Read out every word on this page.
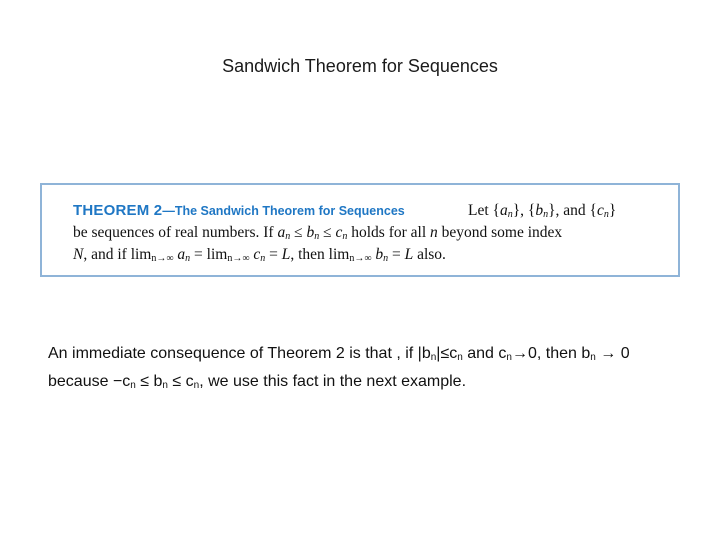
Sandwich Theorem for Sequences
THEOREM 2—The Sandwich Theorem for Sequences	Let $\{a_n\}$, $\{b_n\}$, and $\{c_n\}$
be sequences of real numbers. If $a_n \le b_n \le c_n$ holds for all n beyond some index
N, and if $\lim_{n\to\infty} a_n = \lim_{n\to\infty} c_n = L$, then $\lim_{n\to\infty} b_n = L$ also.
An immediate consequence of Theorem 2 is that , if $|b_n|\le c_n$ and $c_n\to 0$, then $b_n \to 0$ because $-c_n \le b_n \le c_n$, we use this fact in the next example.
